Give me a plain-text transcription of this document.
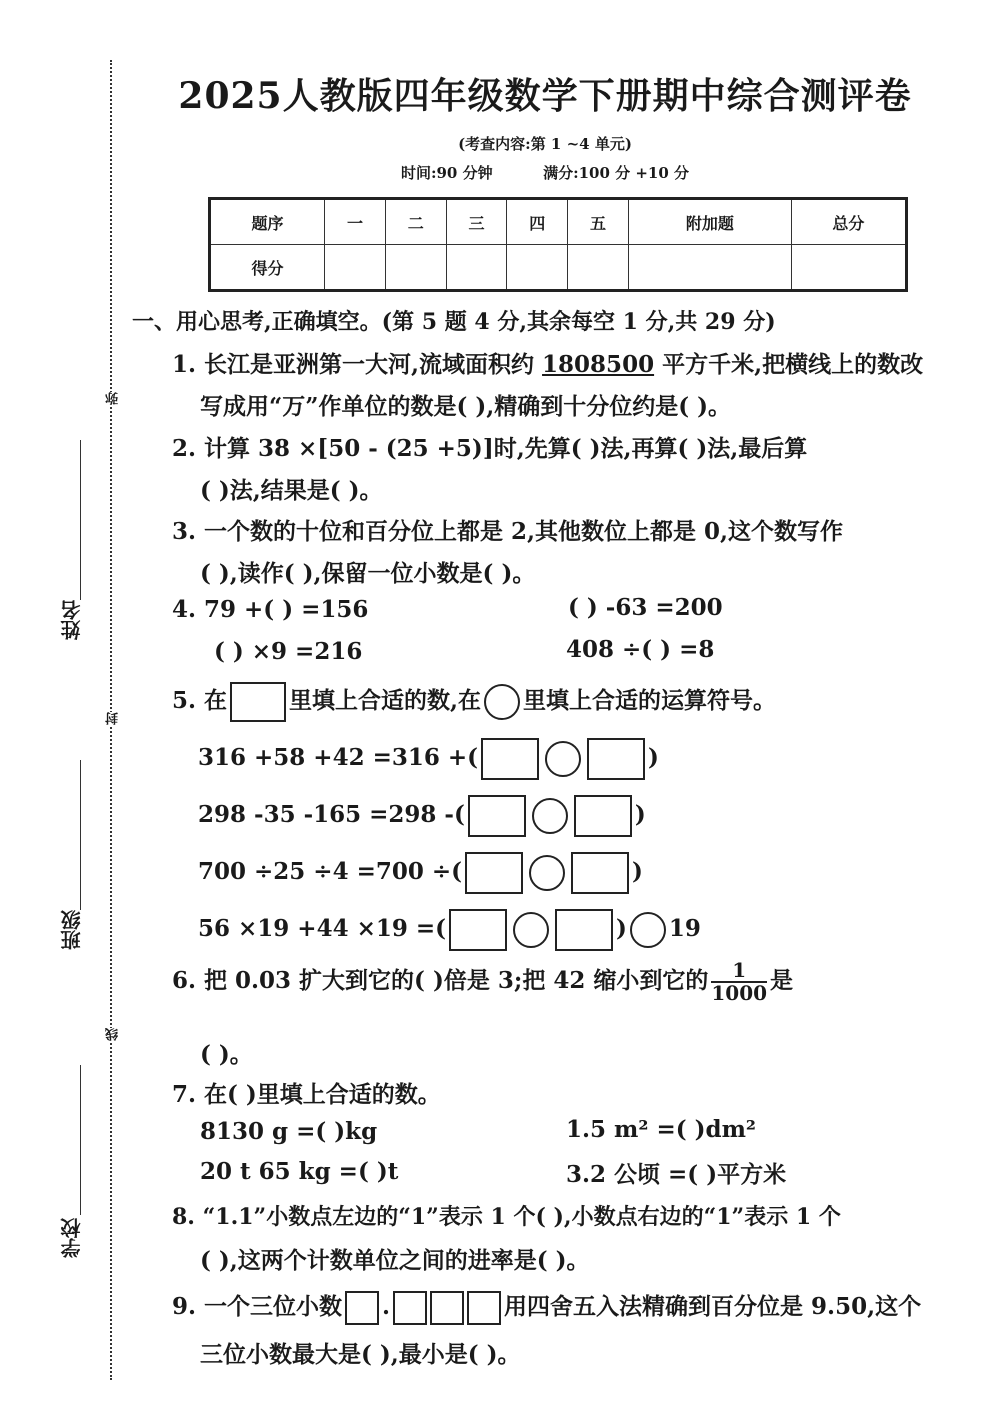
弥
封
线
姓名
班级
学校
2025人教版四年级数学下册期中综合测评卷
(考查内容:第 1 ~4 单元)
时间:90 分钟	满分:100 分 +10 分
题序	一	二	三	四	五	附加题	总分
得分							
一、用心思考,正确填空。(第 5 题 4 分,其余每空 1 分,共 29 分)
1. 长江是亚洲第一大河,流域面积约 1808500 平方千米,把横线上的数改
写成用“万”作单位的数是( ),精确到十分位约是( )。
2. 计算 38 ×[50 - (25 +5)]时,先算( )法,再算( )法,最后算
( )法,结果是( )。
3. 一个数的十位和百分位上都是 2,其他数位上都是 0,这个数写作
( ),读作( ),保留一位小数是( )。
4. 79 +( ) =156	( ) -63 =200
( ) ×9 =216	408 ÷( ) =8
5. 在	里填上合适的数,在 里填上合适的运算符号。
316 +58 +42 =316 +(	)
298 -35 -165 =298 -(	)
700 ÷25 ÷4 =700 ÷(	)
56 ×19 +44 ×19 =(	) 19
6. 把 0.03 扩大到它的( )倍是 3;把 42 缩小到它的 $\frac{1}{1000}$ 是
( )。
7. 在( )里填上合适的数。
8130 g =( )kg	1.5 m² =( )dm²
20 t 65 kg =( )t	3.2 公顷 =( )平方米
8. “1.1”小数点左边的“1”表示 1 个( ),小数点右边的“1”表示 1 个
( ),这两个计数单位之间的进率是( )。
9. 一个三位小数 .	用四舍五入法精确到百分位是 9.50,这个
三位小数最大是( ),最小是( )。
